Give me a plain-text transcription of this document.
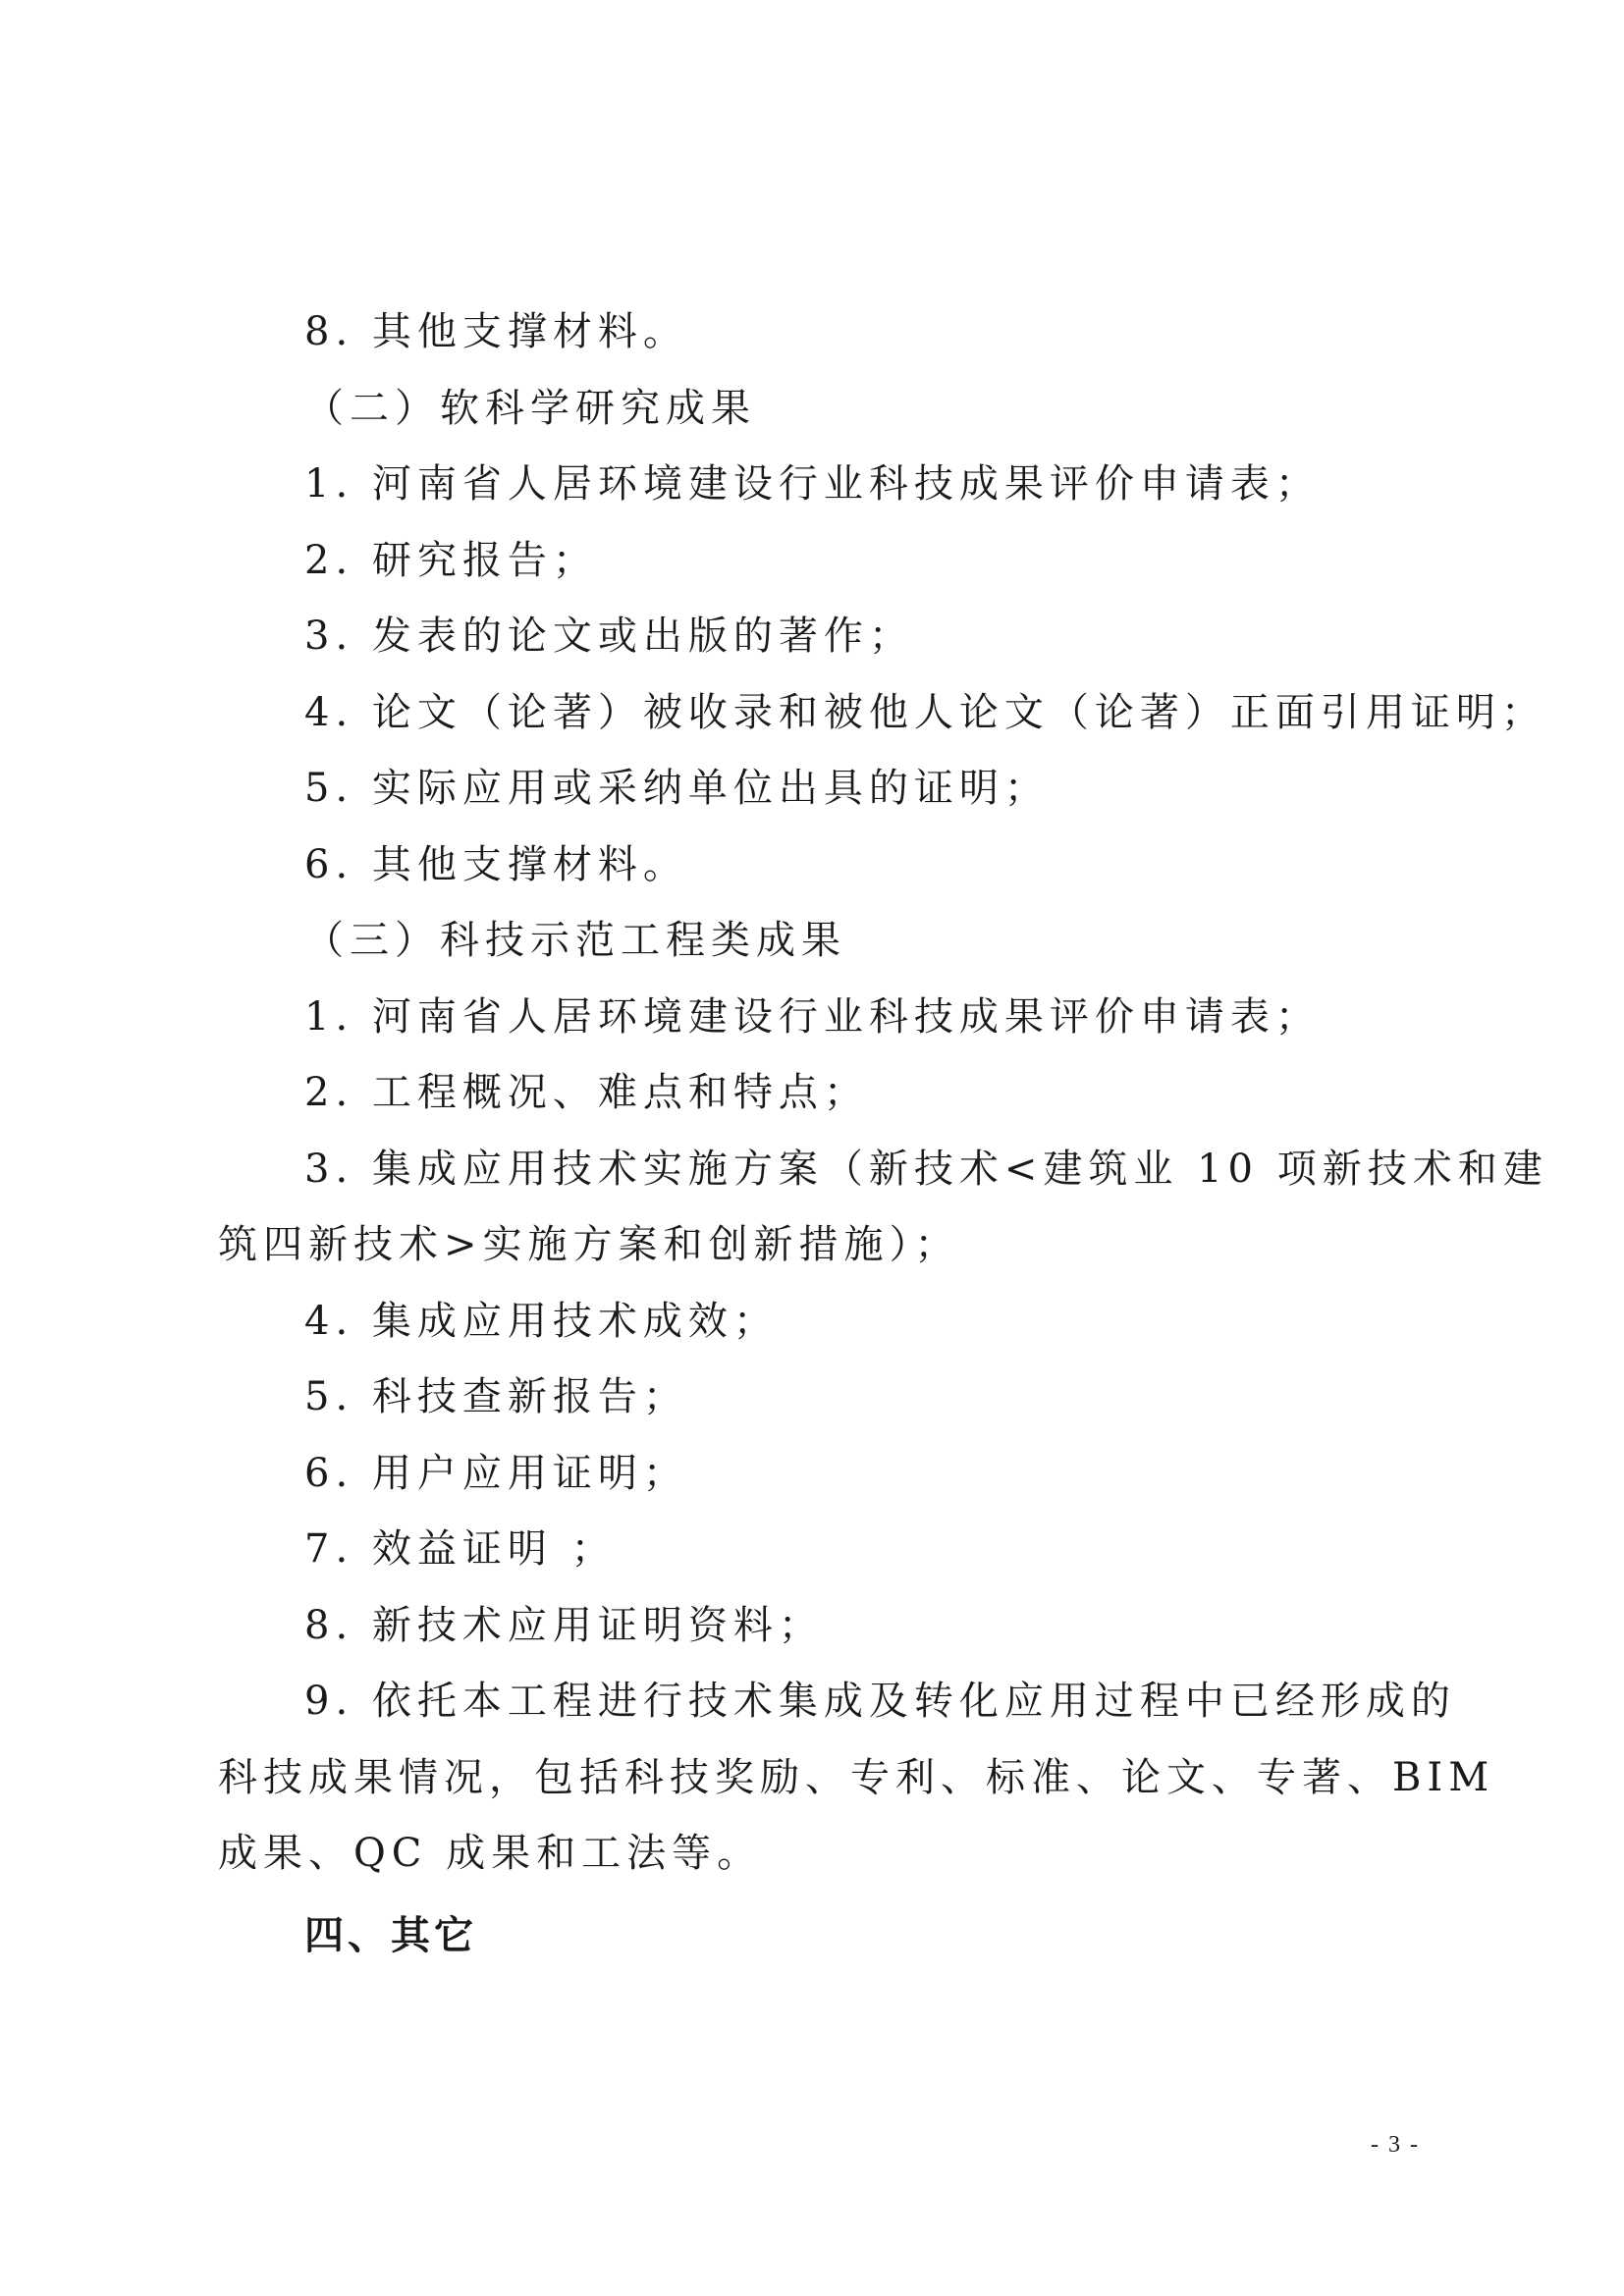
8. 其他支撑材料。

（二）软科学研究成果

1. 河南省人居环境建设行业科技成果评价申请表；

2. 研究报告；

3. 发表的论文或出版的著作；

4. 论文（论著）被收录和被他人论文（论著）正面引用证明；

5. 实际应用或采纳单位出具的证明；

6. 其他支撑材料。

（三）科技示范工程类成果

1. 河南省人居环境建设行业科技成果评价申请表；

2. 工程概况、难点和特点；

3. 集成应用技术实施方案（新技术<建筑业 10 项新技术和建

筑四新技术>实施方案和创新措施）；

4. 集成应用技术成效；

5. 科技查新报告；

6. 用户应用证明；

7. 效益证明 ；

8. 新技术应用证明资料；

9. 依托本工程进行技术集成及转化应用过程中已经形成的

科技成果情况，包括科技奖励、专利、标准、论文、专著、BIM

成果、QC 成果和工法等。

四、其它

- 3 -
